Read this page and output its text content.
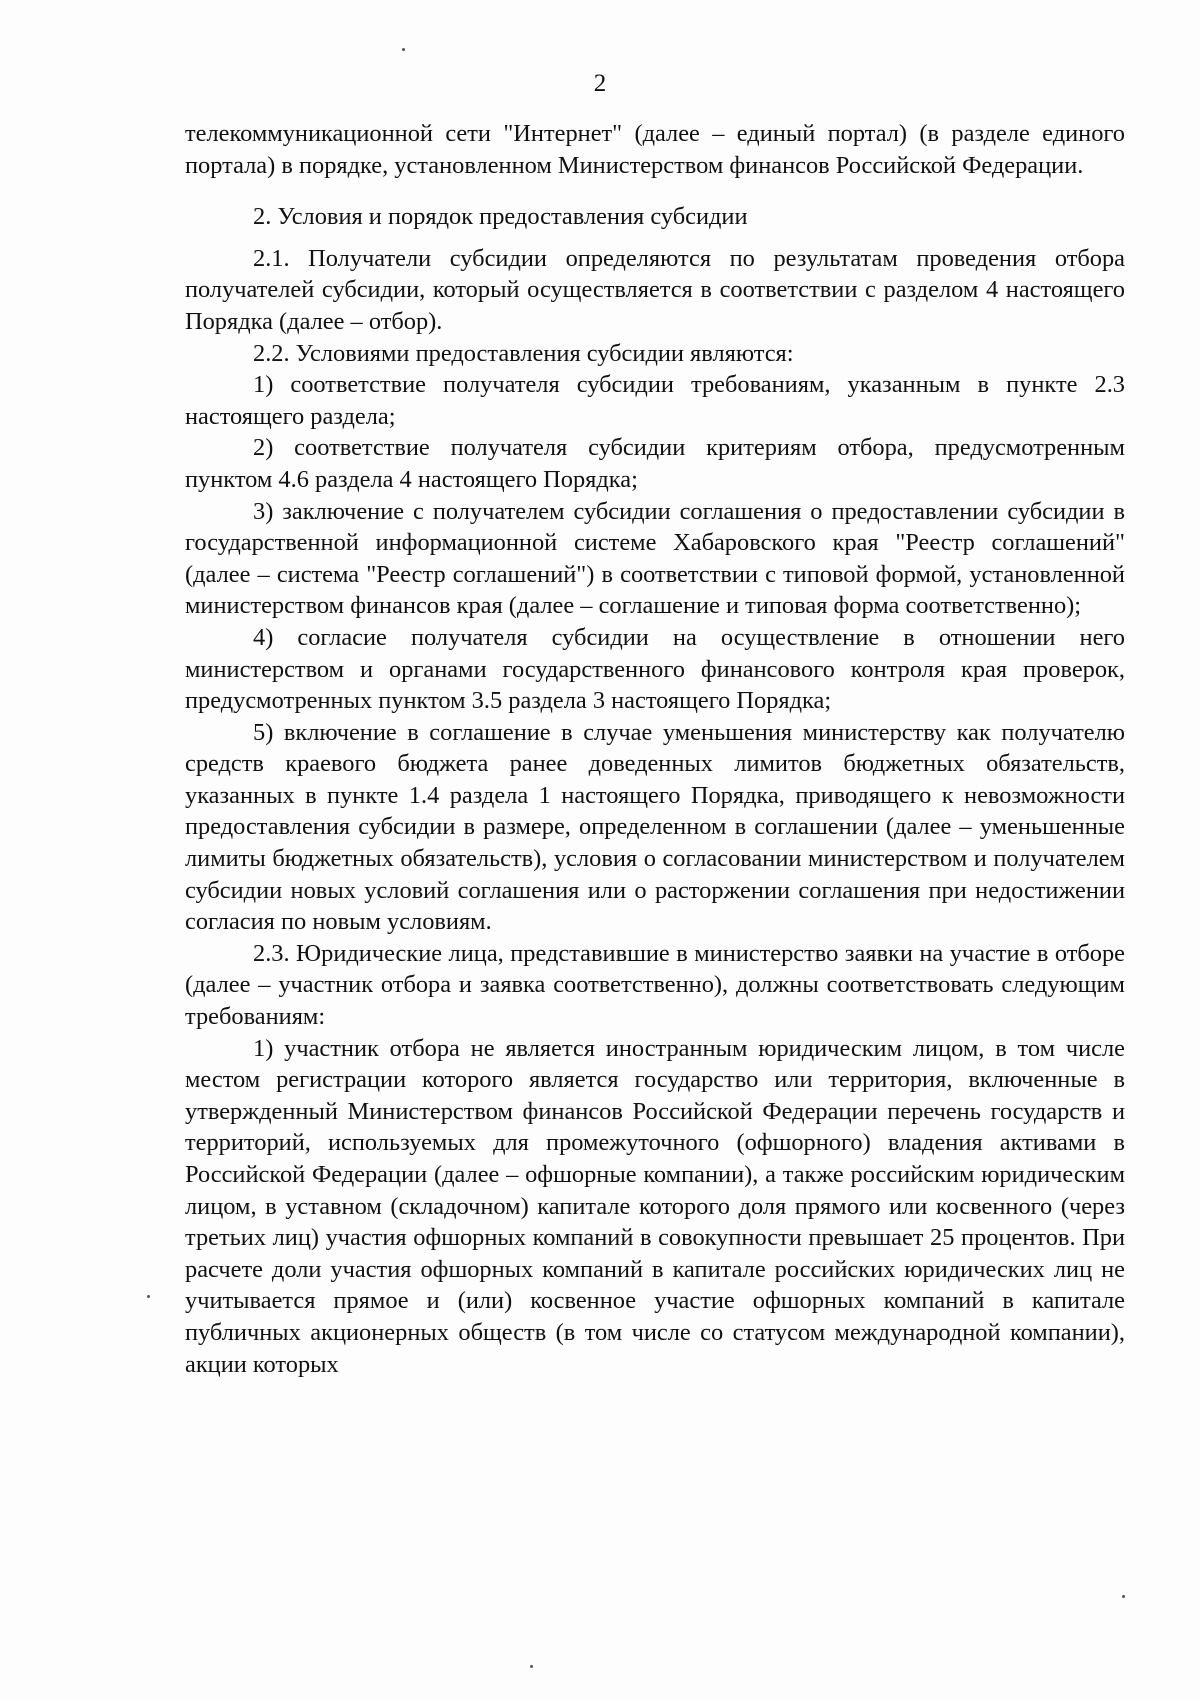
2

телекоммуникационной сети "Интернет" (далее – единый портал) (в разделе единого портала) в порядке, установленном Министерством финансов Российской Федерации.

2. Условия и порядок предоставления субсидии

2.1. Получатели субсидии определяются по результатам проведения отбора получателей субсидии, который осуществляется в соответствии с разделом 4 настоящего Порядка (далее – отбор).

2.2. Условиями предоставления субсидии являются:

1) соответствие получателя субсидии требованиям, указанным в пункте 2.3 настоящего раздела;

2) соответствие получателя субсидии критериям отбора, предусмотренным пунктом 4.6 раздела 4 настоящего Порядка;

3) заключение с получателем субсидии соглашения о предоставлении субсидии в государственной информационной системе Хабаровского края "Реестр соглашений" (далее – система "Реестр соглашений") в соответствии с типовой формой, установленной министерством финансов края (далее – соглашение и типовая форма соответственно);

4) согласие получателя субсидии на осуществление в отношении него министерством и органами государственного финансового контроля края проверок, предусмотренных пунктом 3.5 раздела 3 настоящего Порядка;

5) включение в соглашение в случае уменьшения министерству как получателю средств краевого бюджета ранее доведенных лимитов бюджетных обязательств, указанных в пункте 1.4 раздела 1 настоящего Порядка, приводящего к невозможности предоставления субсидии в размере, определенном в соглашении (далее – уменьшенные лимиты бюджетных обязательств), условия о согласовании министерством и получателем субсидии новых условий соглашения или о расторжении соглашения при недостижении согласия по новым условиям.

2.3. Юридические лица, представившие в министерство заявки на участие в отборе (далее – участник отбора и заявка соответственно), должны соответствовать следующим требованиям:

1) участник отбора не является иностранным юридическим лицом, в том числе местом регистрации которого является государство или территория, включенные в утвержденный Министерством финансов Российской Федерации перечень государств и территорий, используемых для промежуточного (офшорного) владения активами в Российской Федерации (далее – офшорные компании), а также российским юридическим лицом, в уставном (складочном) капитале которого доля прямого или косвенного (через третьих лиц) участия офшорных компаний в совокупности превышает 25 процентов. При расчете доли участия офшорных компаний в капитале российских юридических лиц не учитывается прямое и (или) косвенное участие офшорных компаний в капитале публичных акционерных обществ (в том числе со статусом международной компании), акции которых
